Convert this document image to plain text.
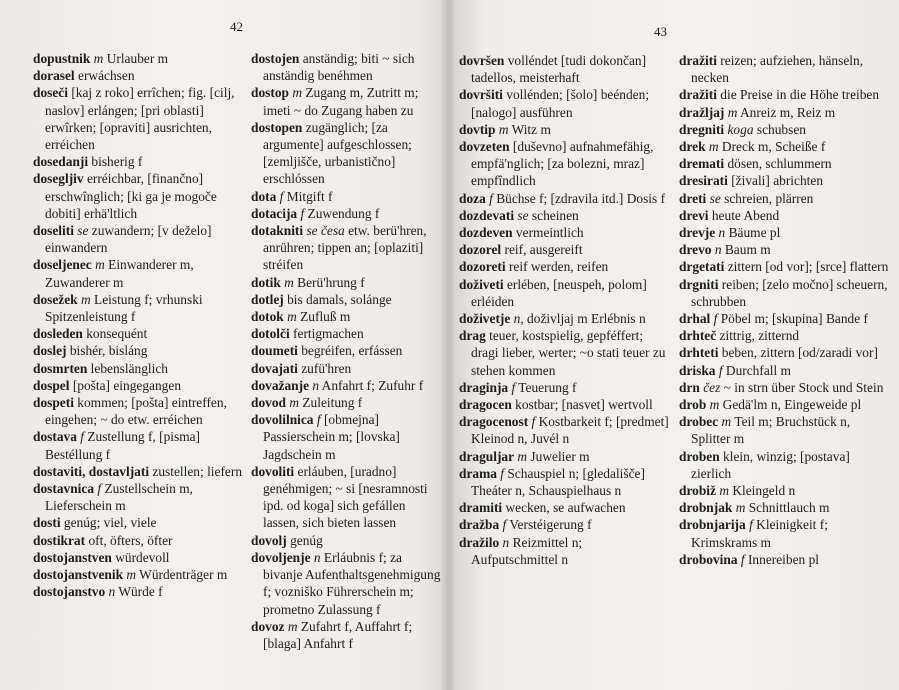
42
dopustnik m Urlauber m
dorasel erwáchsen
doseči [kaj z roko] errîchen; fig. [cilj, naslov] erlángen; [pri oblasti] erwîrken; [opraviti] ausrichten, erréichen
dosedanji bisherig f
dosegljiv erréichbar, [finančno] erschwînglich; [ki ga je mogoče dobiti] erhä'ltlich
doseliti se zuwandern; [v deželo] einwandern
doseljenec m Einwanderer m, Zuwanderer m
dosežek m Leistung f; vrhunski Spitzenleistung f
dosleden konsequént
doslej bishér, bisláng
dosmrten lebenslänglich
dospel [pošta] eingegangen
dospeti kommen; [pošta] eintreffen, eingehen; ~ do etw. erréichen
dostava f Zustellung f, [pisma] Bestéllung f
dostaviti, dostavljati zustellen; liefern
dostavnica f Zustellschein m, Lieferschein m
dosti genúg; viel, viele
dostikrat oft, öfters, öfter
dostojanstven würdevoll
dostojanstvenik m Würdenträger m
dostojanstvo n Würde f
dostojen anständig; biti ~ sich anständig benéhmen
dostop m Zugang m, Zutritt m; imeti ~ do Zugang haben zu
dostopen zugänglich; [za argumente] aufgeschlossen; [zemljišče, urbanistično] erschlóssen
dota f Mitgift f
dotacija f Zuwendung f
dotakniti se česa etw. berü'hren, anrühren; tippen an; [oplaziti] stréifen
dotik m Berü'hrung f
dotlej bis damals, solánge
dotok m Zufluß m
dotolči fertigmachen
doumeti begréifen, erfássen
dovajati zufü'hren
dovažanje n Anfahrt f; Zufuhr f
dovod m Zuleitung f
dovolilnica f [obmejna] Passierschein m; [lovska] Jagdschein m
dovoliti erláuben, [uradno] genéhmigen; ~ si [nesramnosti ipd. od koga] sich gefállen lassen, sich bieten lassen
dovolj genúg
dovoljenje n Erláubnis f; za bivanje Aufenthaltsgenehmigung f; vozniško Führerschein m; prometno Zulassung f
dovoz m Zufahrt f, Auffahrt f; [blaga] Anfahrt f
43
dovršen volléndet [tudi dokončan] tadellos, meisterhaft
dovršiti vollénden; [šolo] beénden; [nalogo] ausführen
dovtip m Witz m
dovzeten [duševno] aufnahmefähig, empfä'nglich; [za bolezni, mraz] empfîndlich
doza f Büchse f; [zdravila itd.] Dosis f
dozdevati se scheinen
dozdeven vermeintlich
dozorel reif, ausgereift
dozoreti reif werden, reifen
doživeti erlében, [neuspeh, polom] erléiden
doživetje n, doživljaj m Erlébnis n
drag teuer, kostspielig, gepféffert; dragi lieber, werter; ~o stati teuer zu stehen kommen
draginja f Teuerung f
dragocen kostbar; [nasvet] wertvoll
dragocenost f Kostbarkeit f; [predmet] Kleinod n, Juvél n
draguljar m Juwelier m
drama f Schauspiel n; [gledališče] Theáter n, Schauspielhaus n
dramiti wecken, se aufwachen
dražba f Verstéigerung f
dražilo n Reizmittel n; Aufputschmittel n
dražiti reizen; aufziehen, hänseln, necken
dražiti die Preise in die Höhe treiben
dražljaj m Anreiz m, Reiz m
dregniti koga schubsen
drek m Dreck m, Scheiße f
dremati dösen, schlummern
dresirati [živali] abrichten
dreti se schreien, plärren
drevi heute Abend
drevje n Bäume pl
drevo n Baum m
drgetati zittern [od vor]; [srce] flattern
drgniti reiben; [zelo močno] scheuern, schrubben
drhal f Pöbel m; [skupina] Bande f
drhteč zittrig, zitternd
drhteti beben, zittern [od/zaradi vor]
driska f Durchfall m
drn čez ~ in strn über Stock und Stein
drob m Gedä'lm n, Eingeweide pl
drobec m Teil m; Bruchstück n, Splitter m
droben klein, winzig; [postava] zierlich
drobiž m Kleingeld n
drobnjak m Schnittlauch m
drobnjarija f Kleinigkeit f; Krimskrams m
drobovina f Innereiben pl
